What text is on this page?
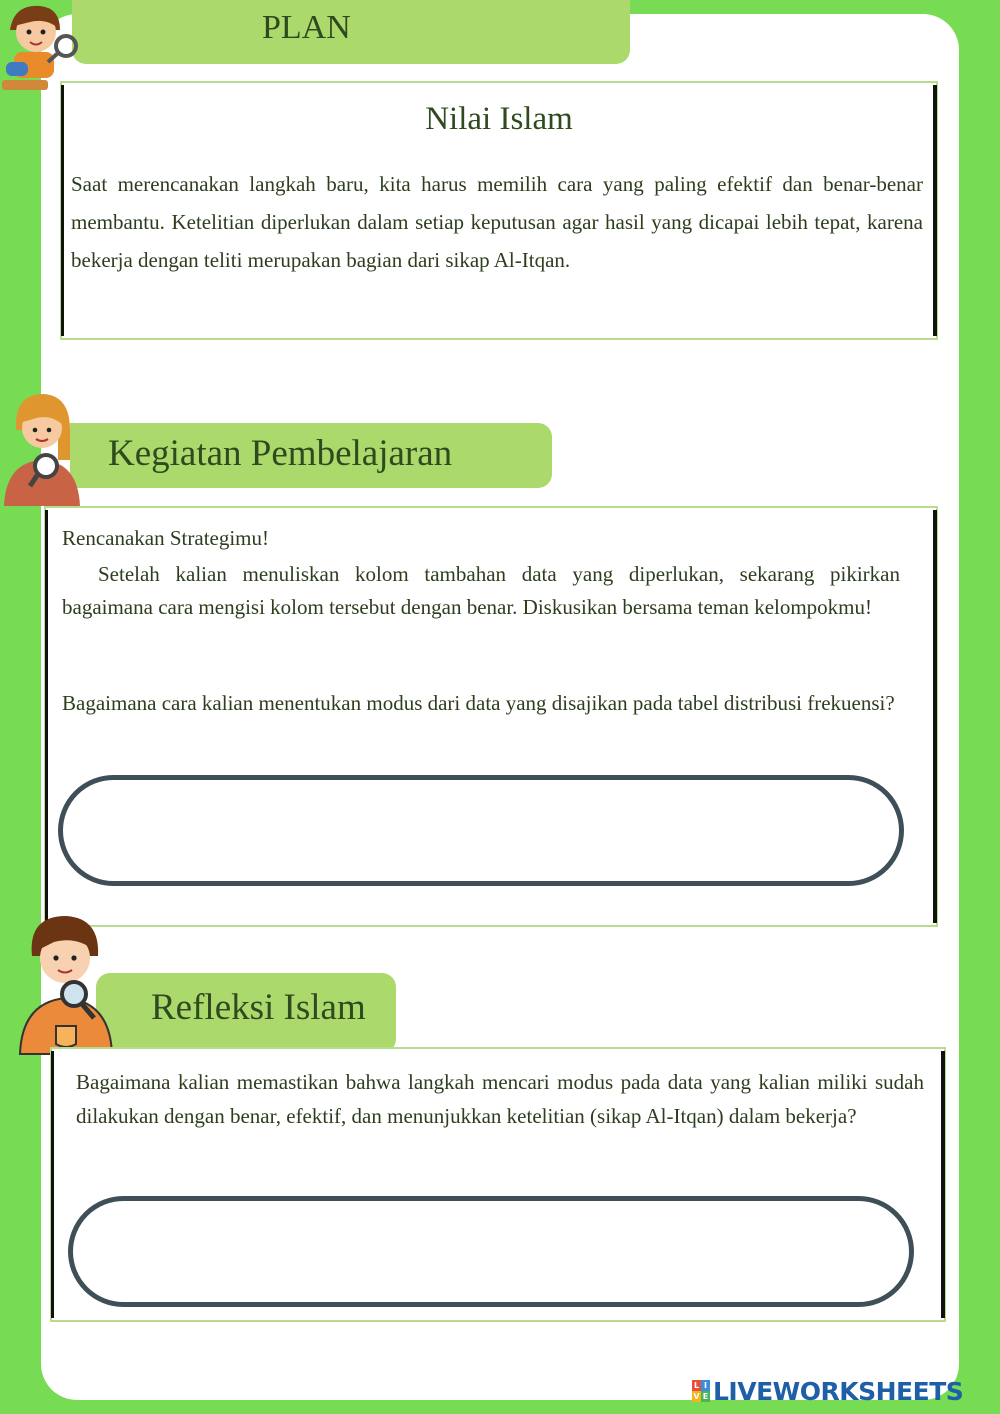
PLAN
Nilai Islam
Saat merencanakan langkah baru, kita harus memilih cara yang paling efektif dan benar-benar membantu. Ketelitian diperlukan dalam setiap keputusan agar hasil yang dicapai lebih tepat, karena bekerja dengan teliti merupakan bagian dari sikap Al-Itqan.
Kegiatan Pembelajaran
Rencanakan Strategimu!
Setelah kalian menuliskan kolom tambahan data yang diperlukan, sekarang pikirkan bagaimana cara mengisi kolom tersebut dengan benar. Diskusikan bersama teman kelompokmu!
Bagaimana cara kalian menentukan modus dari data yang disajikan pada tabel distribusi frekuensi?
Refleksi Islam
Bagaimana kalian memastikan bahwa langkah mencari modus pada data yang kalian miliki sudah dilakukan dengan benar, efektif, dan menunjukkan ketelitian (sikap Al-Itqan) dalam bekerja?
L I
V E LIVEWORKSHEETS
